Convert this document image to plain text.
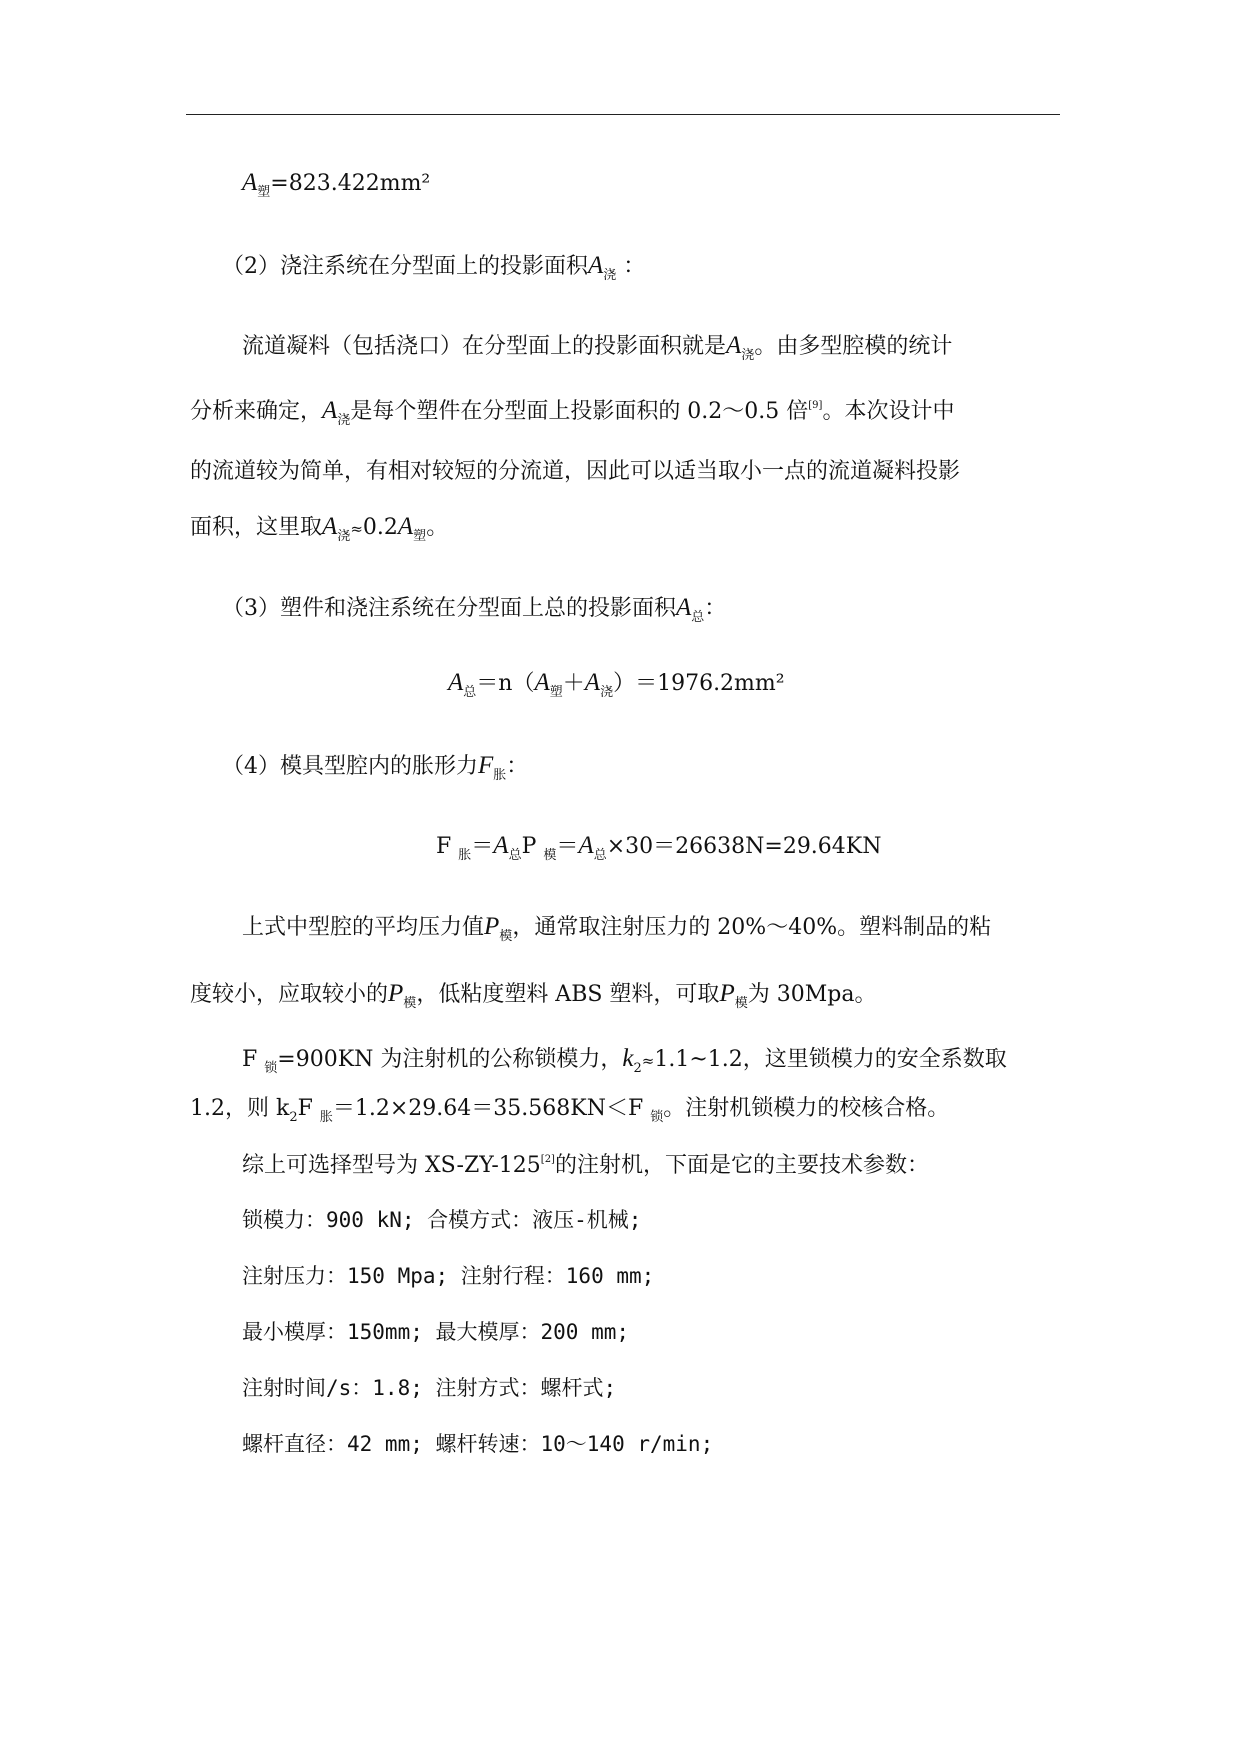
$A_塑=823.422mm^2$
（2）浇注系统在分型面上的投影面积$A_浇$ ：
流道凝料（包括浇口）在分型面上的投影面积就是$A_浇$。由多型腔模的统计
分析来确定，$A_浇$是每个塑件在分型面上投影面积的 0.2～0.5 倍[9]。本次设计中
的流道较为简单，有相对较短的分流道，因此可以适当取小一点的流道凝料投影
面积，这里取$A_浇\approx 0.2A_塑$。
（3）塑件和浇注系统在分型面上总的投影面积$A_总$：
$A_总=n(A_塑+A_浇)=1976.2mm^2$
（4）模具型腔内的胀形力$F_胀$：
F $_胀=A_总P$ $_模=A_总\times 30=26638N=29.64KN$
上式中型腔的平均压力值$P_模$，通常取注射压力的 20%～40%。塑料制品的粘
度较小，应取较小的$P_模$，低粘度塑料 ABS 塑料，可取$P_模$为 30Mpa。
F $_锁$=900KN 为注射机的公称锁模力，$k_2\approx 1.1\sim 1.2$，这里锁模力的安全系数取
1.2，则 $k_2F$ $_胀$＝1.2×29.64＝35.568KN＜F $_锁$。注射机锁模力的校核合格。
综上可选择型号为 XS-ZY-125[2]的注射机，下面是它的主要技术参数：
锁模力：900 kN; 合模方式：液压-机械;
注射压力：150 Mpa; 注射行程：160 mm;
最小模厚：150mm; 最大模厚：200 mm;
注射时间/s：1.8; 注射方式：螺杆式;
螺杆直径：42 mm; 螺杆转速：10～140 r/min;
